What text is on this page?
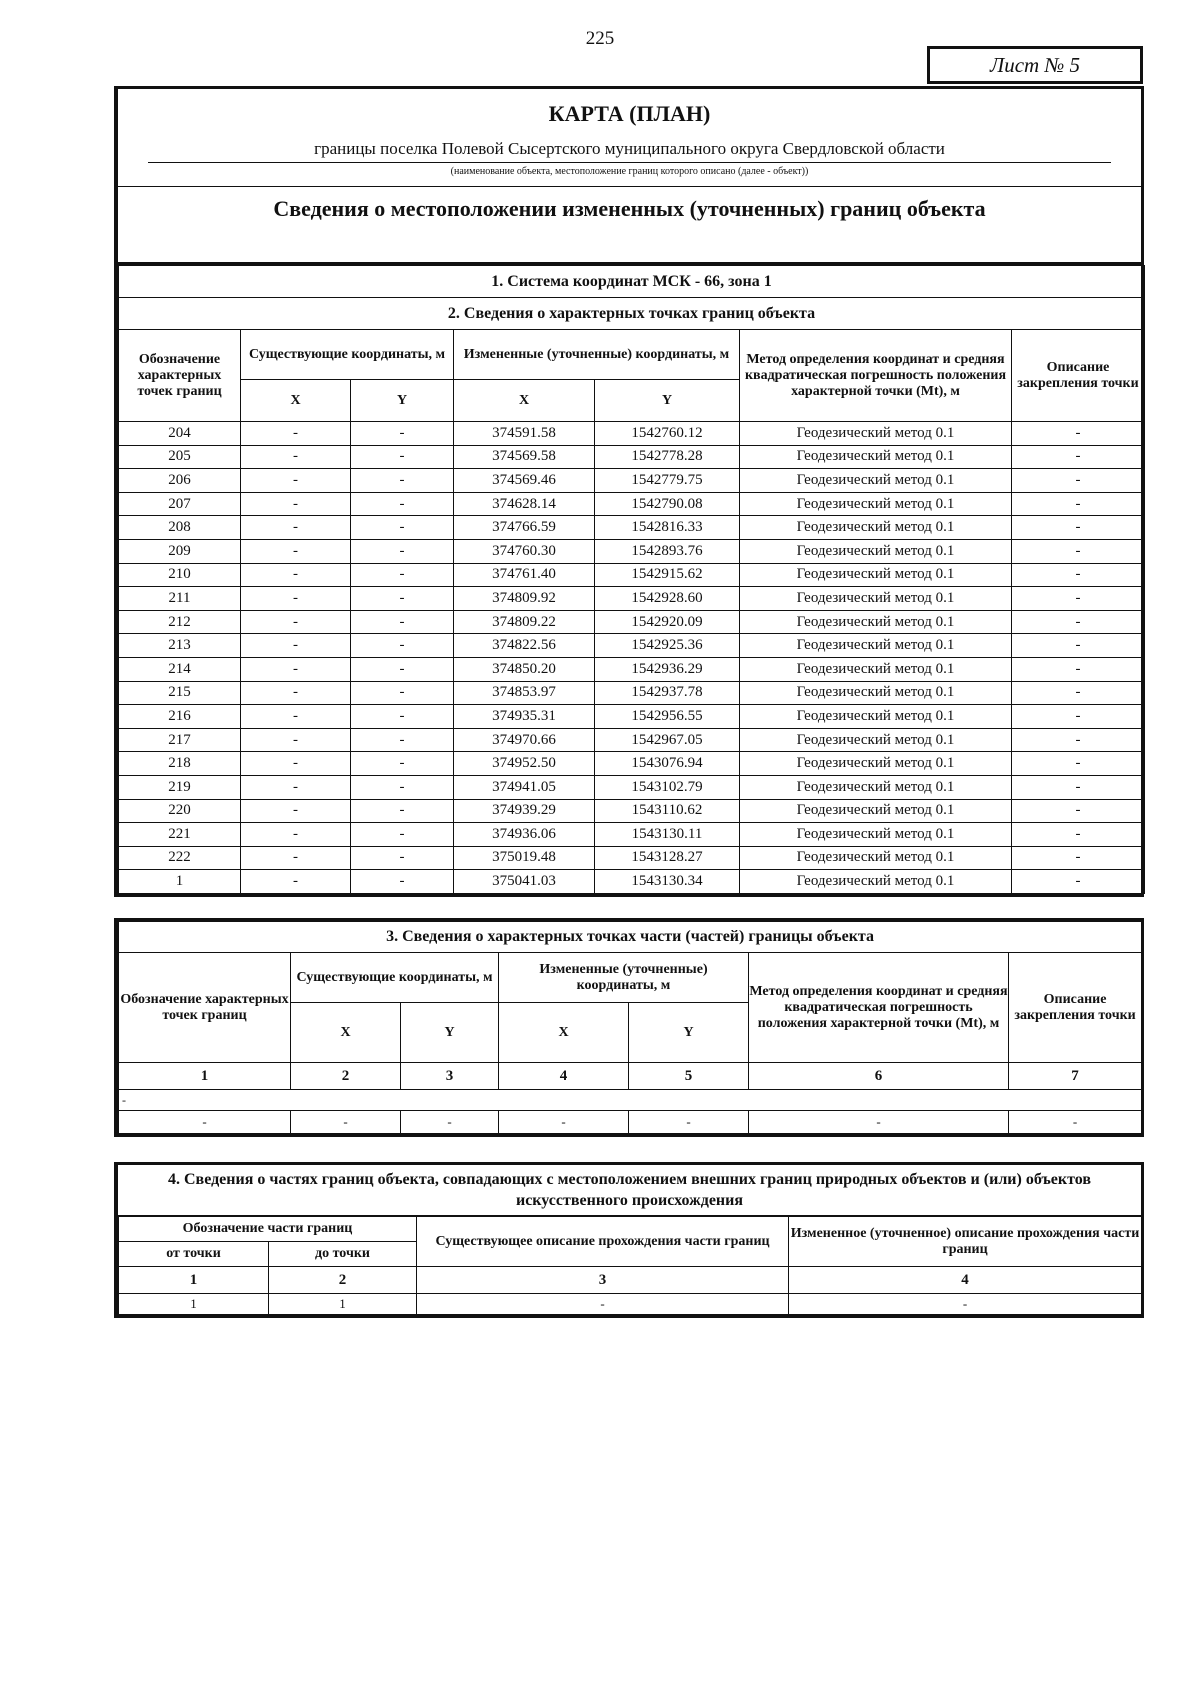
225
Лист № 5
КАРТА (ПЛАН)
границы поселка Полевой Сысертского муниципального округа Свердловской области
(наименование объекта, местоположение границ которого описано (далее - объект))
Сведения о местоположении измененных (уточненных) границ объекта
1. Система координат МСК - 66, зона 1						
2. Сведения о характерных точках границ объекта						
Обозначение характерных точек границ	Существующие координаты, м		Измененные (уточненные) координаты, м		Метод определения координат и средняя квадратическая погрешность положения характерной точки (Mt), м	Описание закрепления точки
	X	Y	X	Y		
204	-	-	374591.58	1542760.12	Геодезический метод 0.1	-
205	-	-	374569.58	1542778.28	Геодезический метод 0.1	-
206	-	-	374569.46	1542779.75	Геодезический метод 0.1	-
207	-	-	374628.14	1542790.08	Геодезический метод 0.1	-
208	-	-	374766.59	1542816.33	Геодезический метод 0.1	-
209	-	-	374760.30	1542893.76	Геодезический метод 0.1	-
210	-	-	374761.40	1542915.62	Геодезический метод 0.1	-
211	-	-	374809.92	1542928.60	Геодезический метод 0.1	-
212	-	-	374809.22	1542920.09	Геодезический метод 0.1	-
213	-	-	374822.56	1542925.36	Геодезический метод 0.1	-
214	-	-	374850.20	1542936.29	Геодезический метод 0.1	-
215	-	-	374853.97	1542937.78	Геодезический метод 0.1	-
216	-	-	374935.31	1542956.55	Геодезический метод 0.1	-
217	-	-	374970.66	1542967.05	Геодезический метод 0.1	-
218	-	-	374952.50	1543076.94	Геодезический метод 0.1	-
219	-	-	374941.05	1543102.79	Геодезический метод 0.1	-
220	-	-	374939.29	1543110.62	Геодезический метод 0.1	-
221	-	-	374936.06	1543130.11	Геодезический метод 0.1	-
222	-	-	375019.48	1543128.27	Геодезический метод 0.1	-
1	-	-	375041.03	1543130.34	Геодезический метод 0.1	-
3. Сведения о характерных точках части (частей) границы объекта						
Обозначение характерных точек границ	Существующие координаты, м		Измененные (уточненные) координаты, м		Метод определения координат и средняя квадратическая погрешность положения характерной точки (Mt), м	Описание закрепления точки
	X	Y	X	Y		
1	2	3	4	5	6	7
-						
-	-	-	-	-	-	-
4. Сведения о частях границ объекта, совпадающих с местоположением внешних границ природных объектов и (или) объектов искусственного происхождения
Обозначение части границ		Существующее описание прохождения части границ	Измененное (уточненное) описание прохождения части границ
от точки	до точки		
1	2	3	4
1	1	-	-
